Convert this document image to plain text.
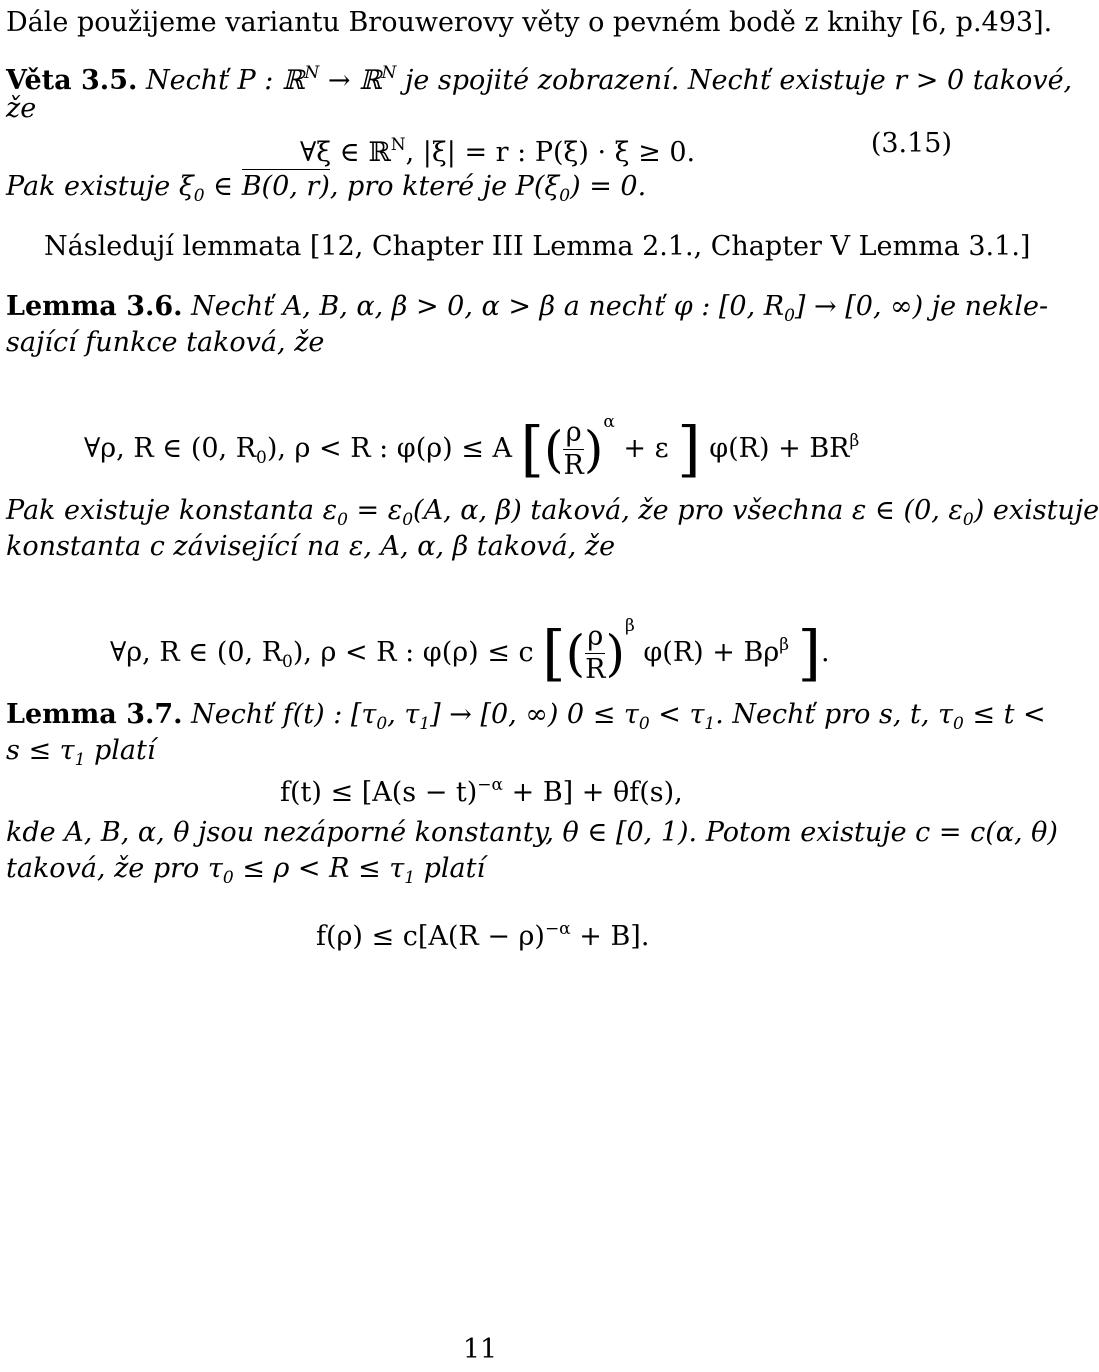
Dále použijeme variantu Brouwerovy věty o pevném bodě z knihy [6, p.493].
Věta 3.5. Nechť P : ℝ$^N$ → ℝ$^N$ je spojité zobrazení. Nechť existuje r > 0 takové,
že
∀ξ ∈ ℝ$^N$, |ξ| = r : P(ξ) · ξ ≥ 0.	(3.15)
Pak existuje $\xi_0$ ∈ B(0, r), pro které je $P(\xi_0) = 0$.
Následují lemmata [12, Chapter III Lemma 2.1., Chapter V Lemma 3.1.]
Lemma 3.6. Nechť A, B, α, β > 0, α > β a nechť φ : [0, $R_0] \to [0$, ∞) je nekle-
sající funkce taková, že
∀ρ, R ∈ (0, $R_0$), ρ < R : φ(ρ) ≤ A [( $\frac{\rho}{R} )^\alpha + \varepsilon$ ] $\varphi(R) + BR^\beta$
Pak existuje konstanta $\varepsilon_0 = \varepsilon_0(A$, α, β) taková, že pro všechna ε ∈ (0, $\varepsilon_0$) existuje
konstanta c závisející na ε, A, α, β taková, že
∀ρ, R ∈ (0, $R_0$), ρ < R : φ(ρ) ≤ c [( $\frac{\rho}{R} )^\beta$ $\varphi(R) + B\rho^\beta$ ].
Lemma 3.7. Nechť f(t) : [$\tau_0$, $\tau_1] \to [0$, ∞) $0 \le \tau_0 < \tau_1$. Nechť pro s, t, $\tau_0 \le t$ <
$s \le \tau_1$ platí
$f(t) \le [A(s - t)^{-\alpha} + B] + \theta f(s)$,
kde A, B, α, θ jsou nezáporné konstanty, θ ∈ [0, 1). Potom existuje c = c(α, θ)
taková, že pro $\tau_0 \le \rho < R \le \tau_1$ platí
$f(\rho) \le c[A(R - \rho)^{-\alpha} + B]$.
11
